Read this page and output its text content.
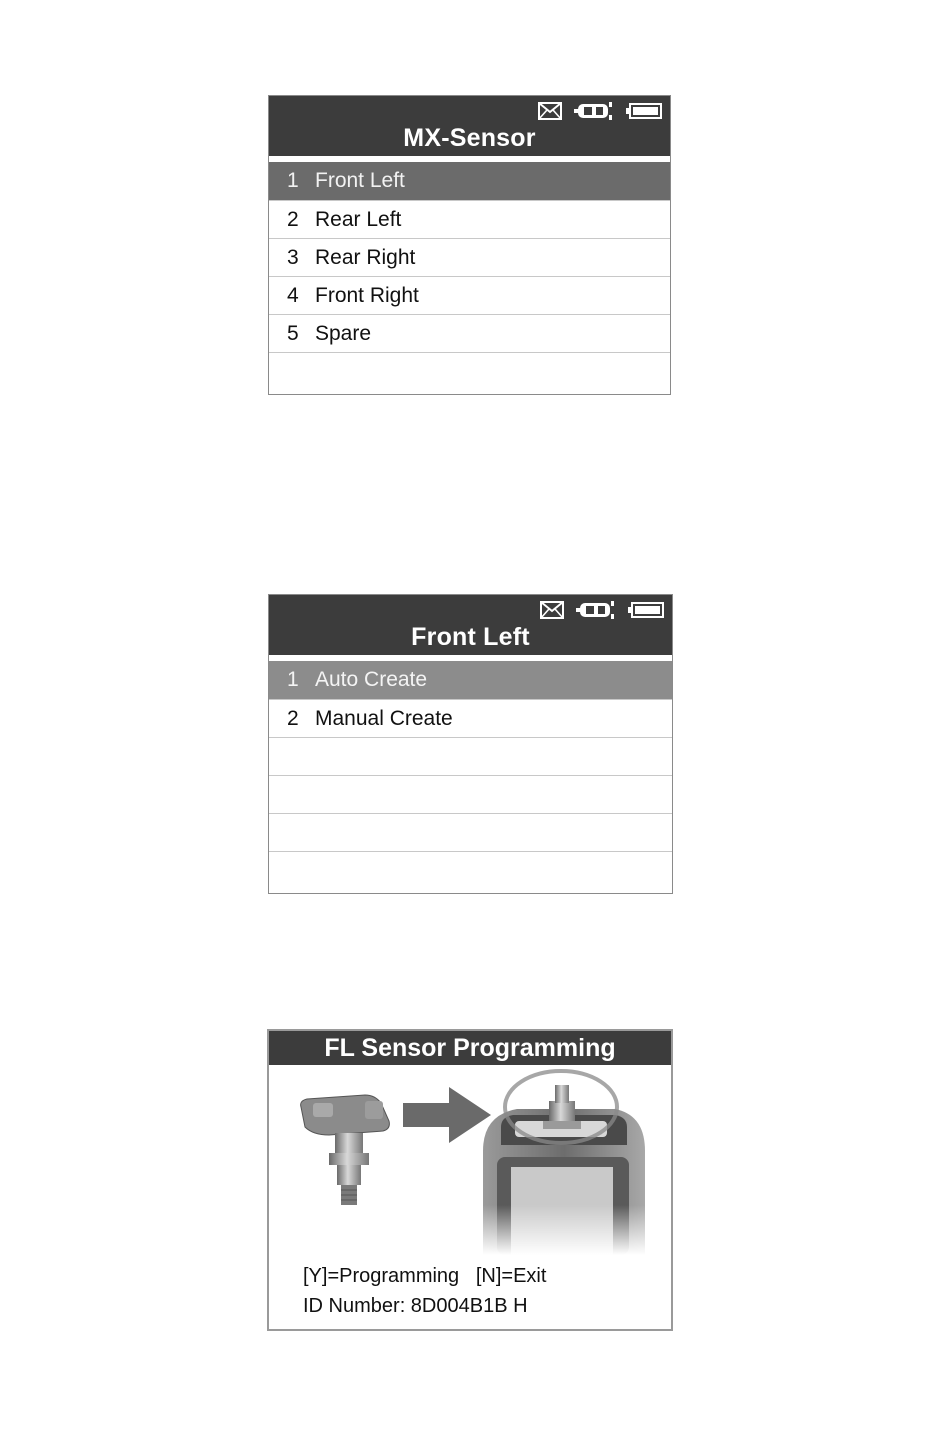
MX-Sensor
1 Front Left
2 Rear Left
3 Rear Right
4 Front Right
5 Spare
Front Left
1 Auto Create
2 Manual Create
FL Sensor Programming
[Y]=Programming   [N]=Exit
ID Number: 8D004B1B H
